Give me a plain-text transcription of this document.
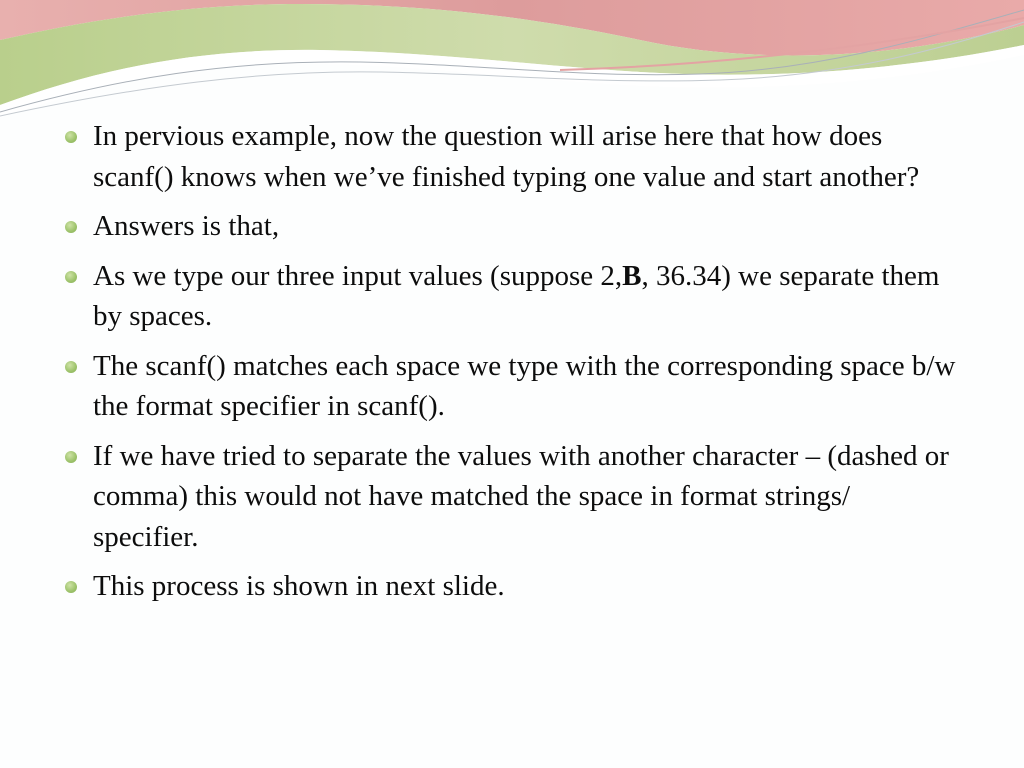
In pervious example, now the question will arise here that how does scanf() knows when we’ve finished typing one value and start another?
Answers is that,
As we type our three input values (suppose 2,B, 36.34) we separate them by spaces.
The scanf() matches each space we type with the corresponding space b/w the format specifier in scanf().
If we have tried to separate the values with another character – (dashed or comma) this would not have matched the space in format strings/ specifier.
This process is shown in next slide.
